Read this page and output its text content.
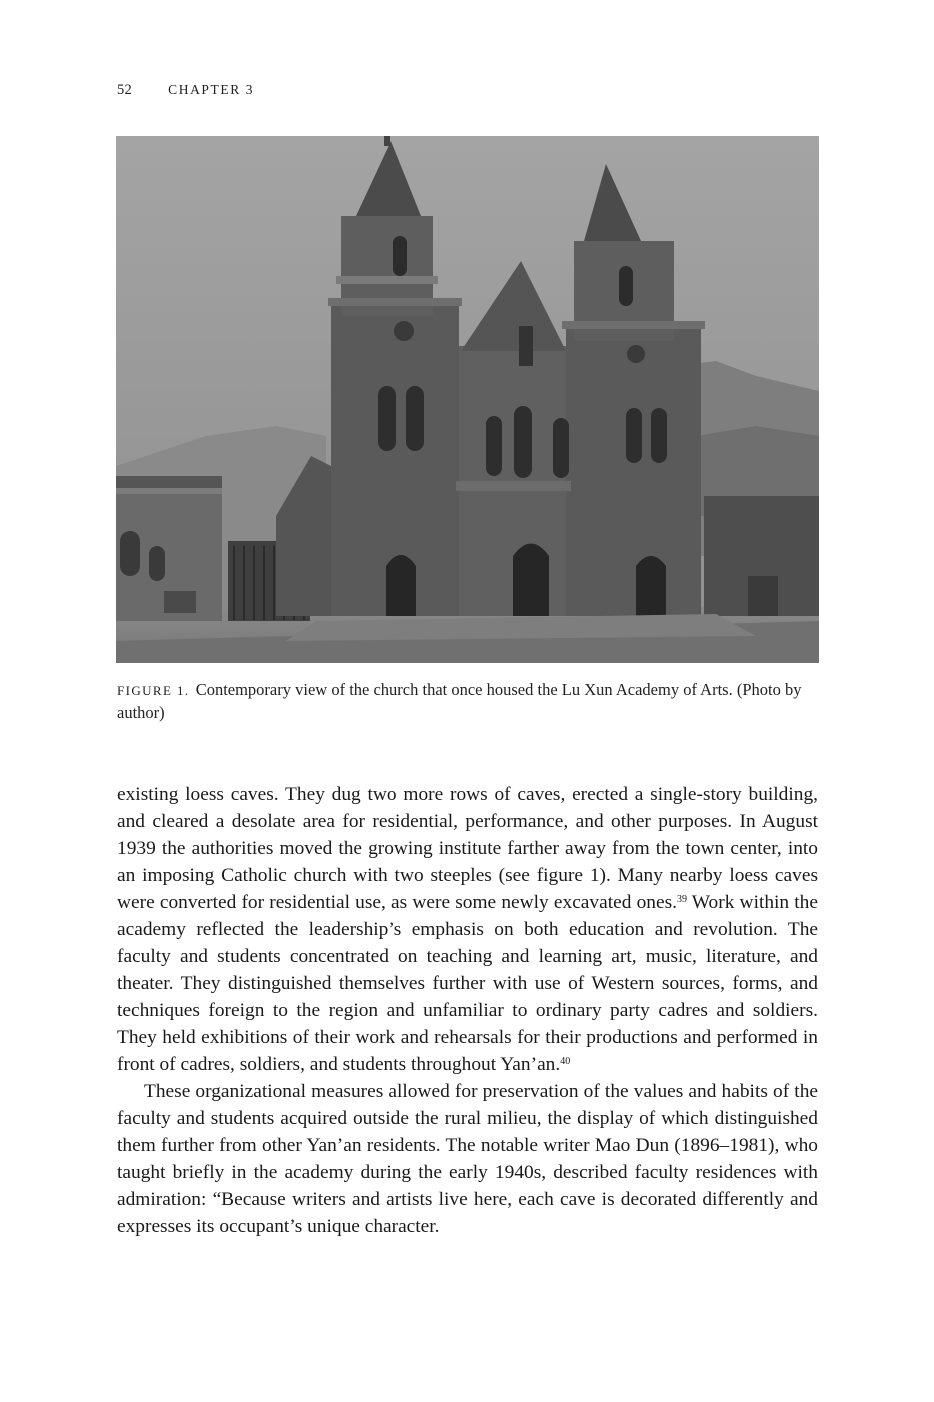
52	CHAPTER 3
FIGURE 1. Contemporary view of the church that once housed the Lu Xun Academy of Arts. (Photo by author)

existing loess caves. They dug two more rows of caves, erected a single-story building, and cleared a desolate area for residential, performance, and other purposes. In August 1939 the authorities moved the growing institute farther away from the town center, into an imposing Catholic church with two steeples (see figure 1). Many nearby loess caves were converted for residential use, as were some newly excavated ones.$^{39}$ Work within the academy reflected the leadership’s emphasis on both education and revolution. The faculty and students concentrated on teaching and learning art, music, literature, and theater. They distinguished themselves further with use of Western sources, forms, and techniques foreign to the region and unfamiliar to ordinary party cadres and soldiers. They held exhibitions of their work and rehearsals for their productions and performed in front of cadres, soldiers, and students throughout Yan’an.$^{40}$

These organizational measures allowed for preservation of the values and habits of the faculty and students acquired outside the rural milieu, the display of which distinguished them further from other Yan’an residents. The notable writer Mao Dun (1896–1981), who taught briefly in the academy during the early 1940s, described faculty residences with admiration: “Because writers and artists live here, each cave is decorated differently and expresses its occupant’s unique character.
